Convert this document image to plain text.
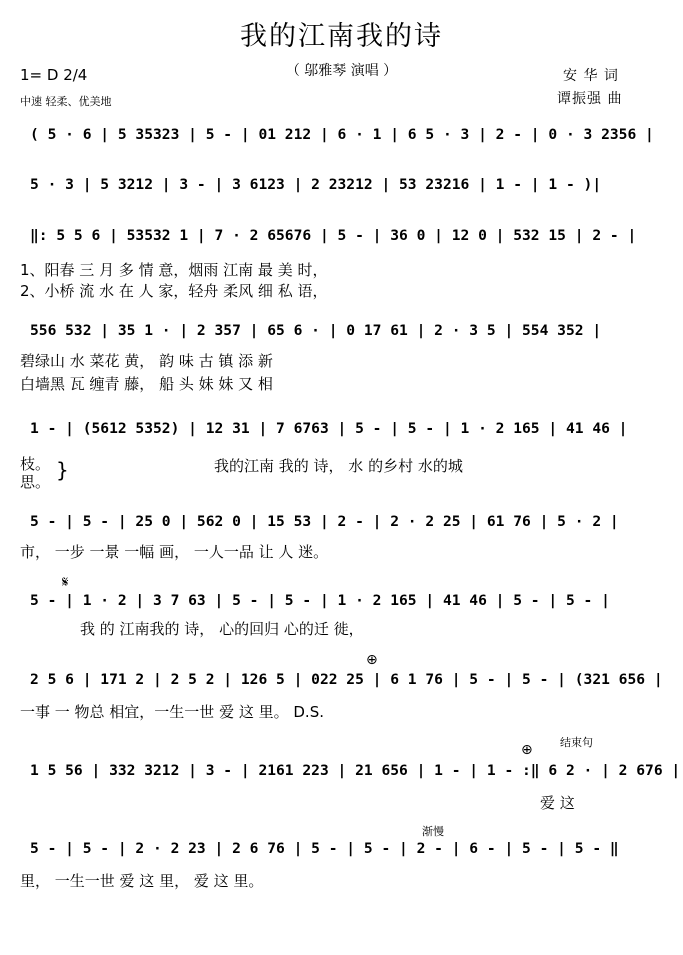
我的江南我的诗
（ 邬雅琴 演唱 ）
1= D 2/4
中速 轻柔、优美地
安 华 词
谭振强 曲
( 5 · 6 | 5 35323 | 5 - | 01 212 | 6 · 1 | 6 5 · 3 | 2 - | 0 · 3 2356 |
5 · 3 | 5 3212 | 3 - | 3 6123 | 2 23212 | 53 23216 | 1 - | 1 - )|
‖: 5 5 6 | 53532 1 | 7 · 2 65676 | 5 - | 36 0 | 12 0 | 532 15 | 2 - |
1、阳春 三 月 多 情 意，烟雨 江南 最 美 时，
2、小桥 流 水 在 人 家，轻舟 柔风 细 私 语，
556 532 | 35 1 · | 2 357 | 65 6 · | 0 17 61 | 2 · 3 5 | 554 352 |
碧绿山 水 菜花 黄， 韵 味 古 镇 添 新
白墙黑 瓦 缠青 藤， 船 头 妹 妹 又 相
1 - | (5612 5352) | 12 31 | 7 6763 | 5 - | 5 - | 1 · 2 165 | 41 46 |
枝。
思。 }	我的江南 我的 诗， 水 的乡村 水的城
5 - | 5 - | 25 0 | 562 0 | 15 53 | 2 - | 2 · 2 25 | 61 76 | 5 · 2 |
市， 一步 一景 一幅 画， 一人一品 让 人 迷。
𝄋
5 - | 1 · 2 | 3 7 63 | 5 - | 5 - | 1 · 2 165 | 41 46 | 5 - | 5 - |
我 的 江南我的 诗， 心的回归 心的迁 徙，
⊕
2 5 6 | 171 2 | 2 5 2 | 126 5 | 022 25 | 6 1 76 | 5 - | 5 - | (321 656 |
一事 一 物总 相宜，一生一世 爱 这 里。 D.S.
结束句
⊕
1 5 56 | 332 3212 | 3 - | 2161 223 | 21 656 | 1 - | 1 - :‖ 6 2 · | 2 676 |
爱 这
渐慢
5 - | 5 - | 2 · 2 23 | 2 6 76 | 5 - | 5 - | 2 - | 6 - | 5 - | 5 - ‖
里， 一生一世 爱 这 里， 爱 这 里。
